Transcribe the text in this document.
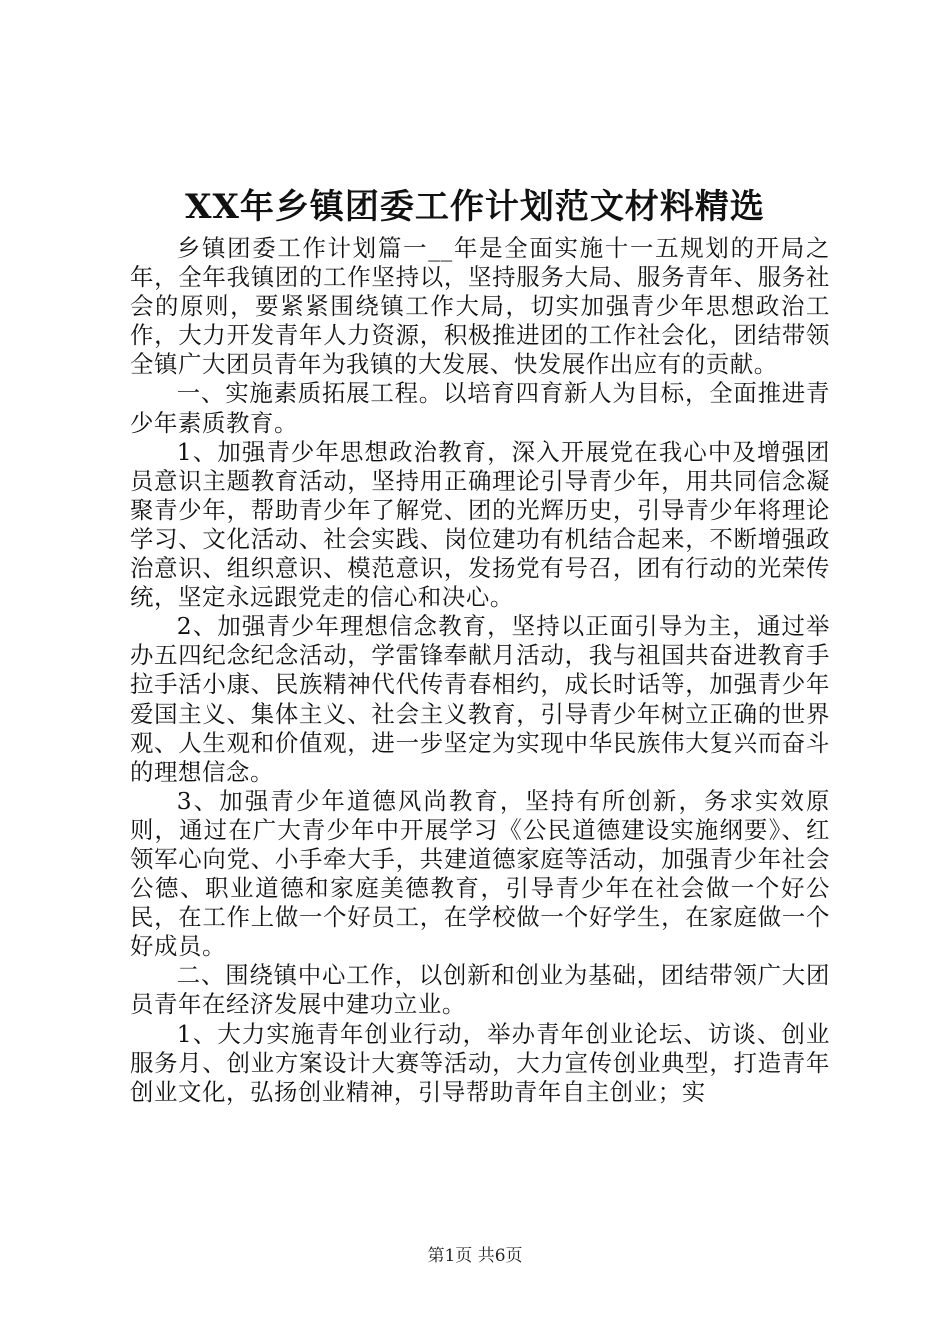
XX年乡镇团委工作计划范文材料精选

乡镇团委工作计划篇一__年是全面实施十一五规划的开局之年，全年我镇团的工作坚持以，坚持服务大局、服务青年、服务社会的原则，要紧紧围绕镇工作大局，切实加强青少年思想政治工作，大力开发青年人力资源，积极推进团的工作社会化，团结带领全镇广大团员青年为我镇的大发展、快发展作出应有的贡献。

一、实施素质拓展工程。以培育四育新人为目标，全面推进青少年素质教育。

1、加强青少年思想政治教育，深入开展党在我心中及增强团员意识主题教育活动，坚持用正确理论引导青少年，用共同信念凝聚青少年，帮助青少年了解党、团的光辉历史，引导青少年将理论学习、文化活动、社会实践、岗位建功有机结合起来，不断增强政治意识、组织意识、模范意识，发扬党有号召，团有行动的光荣传统，坚定永远跟党走的信心和决心。

2、加强青少年理想信念教育，坚持以正面引导为主，通过举办五四纪念纪念活动，学雷锋奉献月活动，我与祖国共奋进教育手拉手活小康、民族精神代代传青春相约，成长时话等，加强青少年爱国主义、集体主义、社会主义教育，引导青少年树立正确的世界观、人生观和价值观，进一步坚定为实现中华民族伟大复兴而奋斗的理想信念。

3、加强青少年道德风尚教育，坚持有所创新，务求实效原则，通过在广大青少年中开展学习《公民道德建设实施纲要》、红领军心向党、小手牵大手，共建道德家庭等活动，加强青少年社会公德、职业道德和家庭美德教育，引导青少年在社会做一个好公民，在工作上做一个好员工，在学校做一个好学生，在家庭做一个好成员。

二、围绕镇中心工作，以创新和创业为基础，团结带领广大团员青年在经济发展中建功立业。

1、大力实施青年创业行动，举办青年创业论坛、访谈、创业服务月、创业方案设计大赛等活动，大力宣传创业典型，打造青年创业文化，弘扬创业精神，引导帮助青年自主创业；实

第1页 共6页
